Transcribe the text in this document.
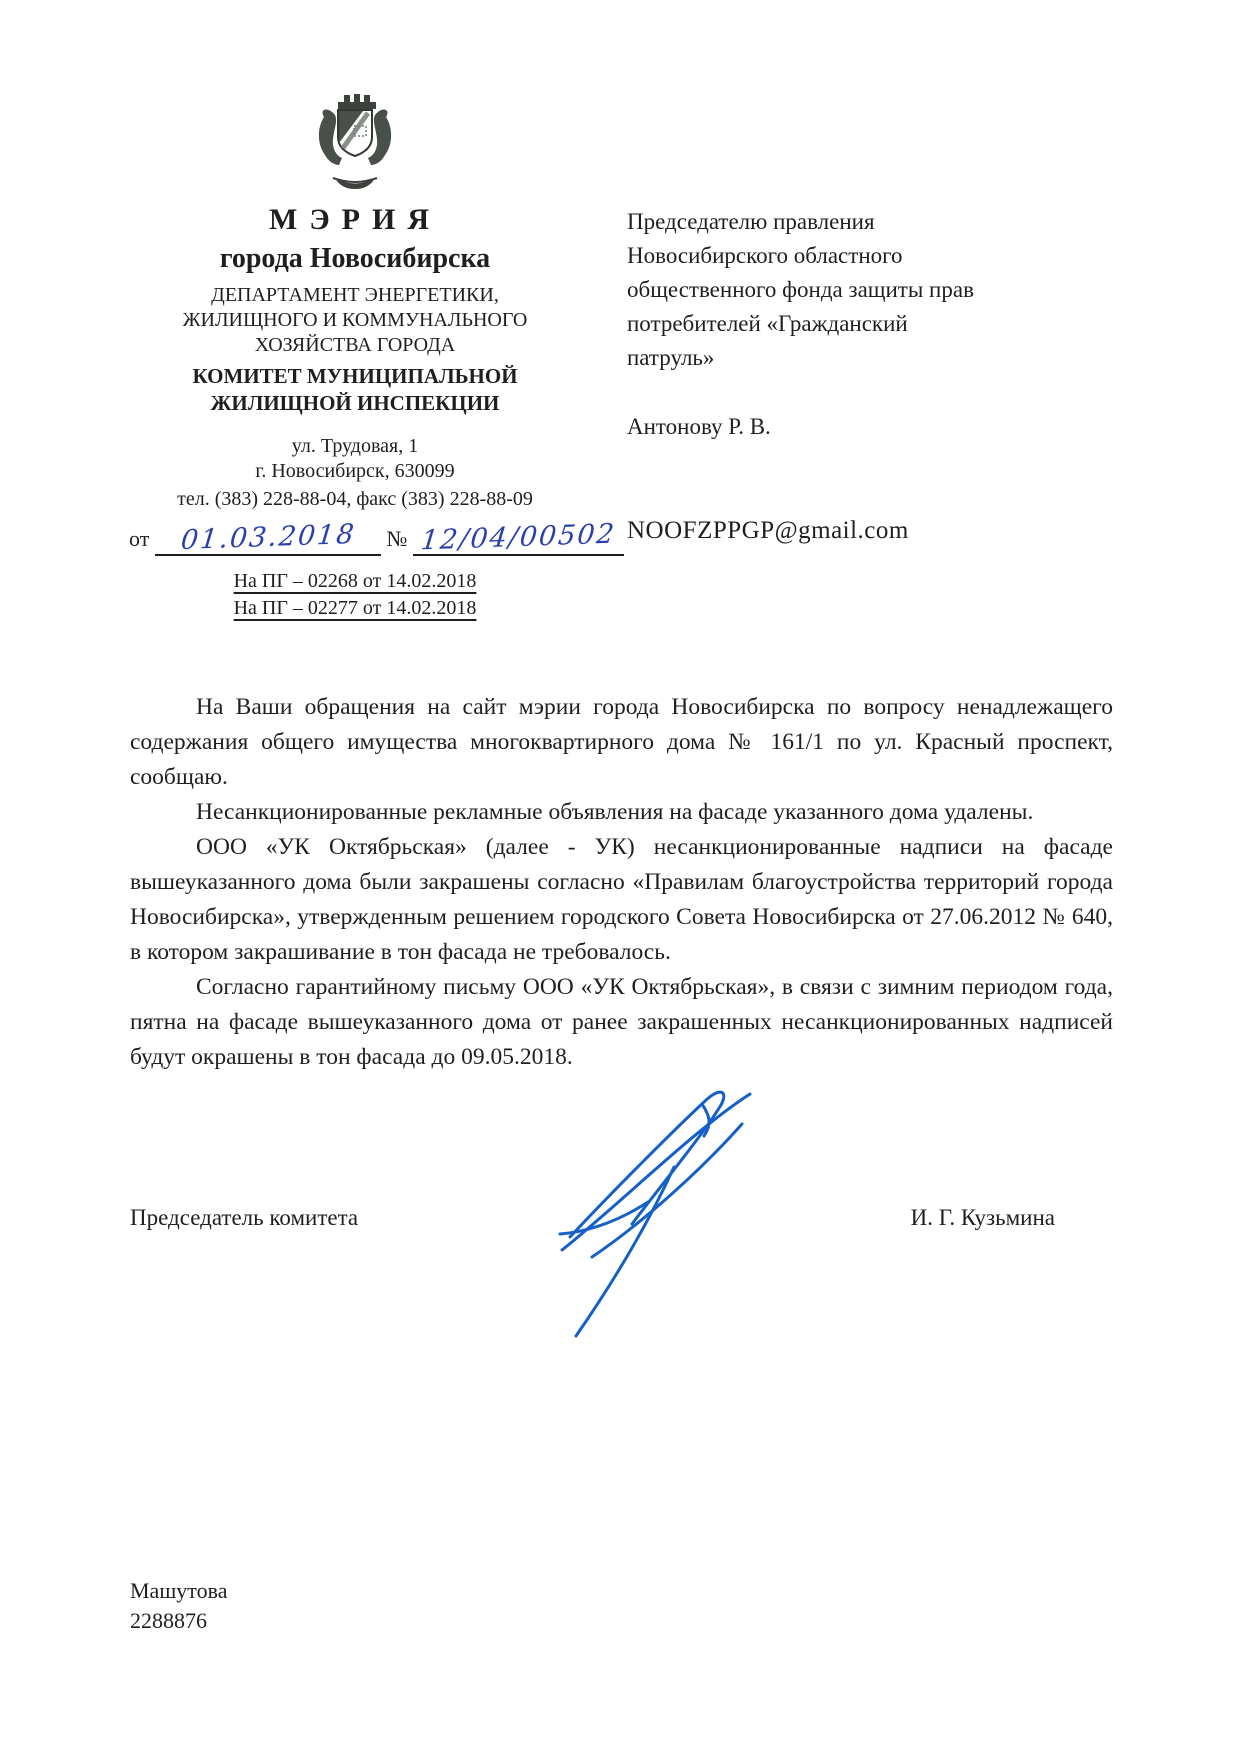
МЭРИЯ
города Новосибирска
ДЕПАРТАМЕНТ ЭНЕРГЕТИКИ,
ЖИЛИЩНОГО И КОММУНАЛЬНОГО
ХОЗЯЙСТВА ГОРОДА
КОМИТЕТ МУНИЦИПАЛЬНОЙ
ЖИЛИЩНОЙ ИНСПЕКЦИИ
ул. Трудовая, 1
г. Новосибирск, 630099
тел. (383) 228-88-04, факс (383) 228-88-09
от 01.03.2018 № 12/04/00502
На ПГ – 02268 от 14.02.2018
На ПГ – 02277 от 14.02.2018
Председателю правления
Новосибирского областного
общественного фонда защиты прав
потребителей «Гражданский
патруль»
Антонову Р. В.
NOOFZPPGP@gmail.com

На Ваши обращения на сайт мэрии города Новосибирска по вопросу ненадлежащего содержания общего имущества многоквартирного дома № 161/1 по ул. Красный проспект, сообщаю.

Несанкционированные рекламные объявления на фасаде указанного дома удалены.

ООО «УК Октябрьская» (далее - УК) несанкционированные надписи на фасаде вышеуказанного дома были закрашены согласно «Правилам благоустройства территорий города Новосибирска», утвержденным решением городского Совета Новосибирска от 27.06.2012 № 640, в котором закрашивание в тон фасада не требовалось.

Согласно гарантийному письму ООО «УК Октябрьская», в связи с зимним периодом года, пятна на фасаде вышеуказанного дома от ранее закрашенных несанкционированных надписей будут окрашены в тон фасада до 09.05.2018.

Председатель комитета	И. Г. Кузьмина
Машутова
2288876
